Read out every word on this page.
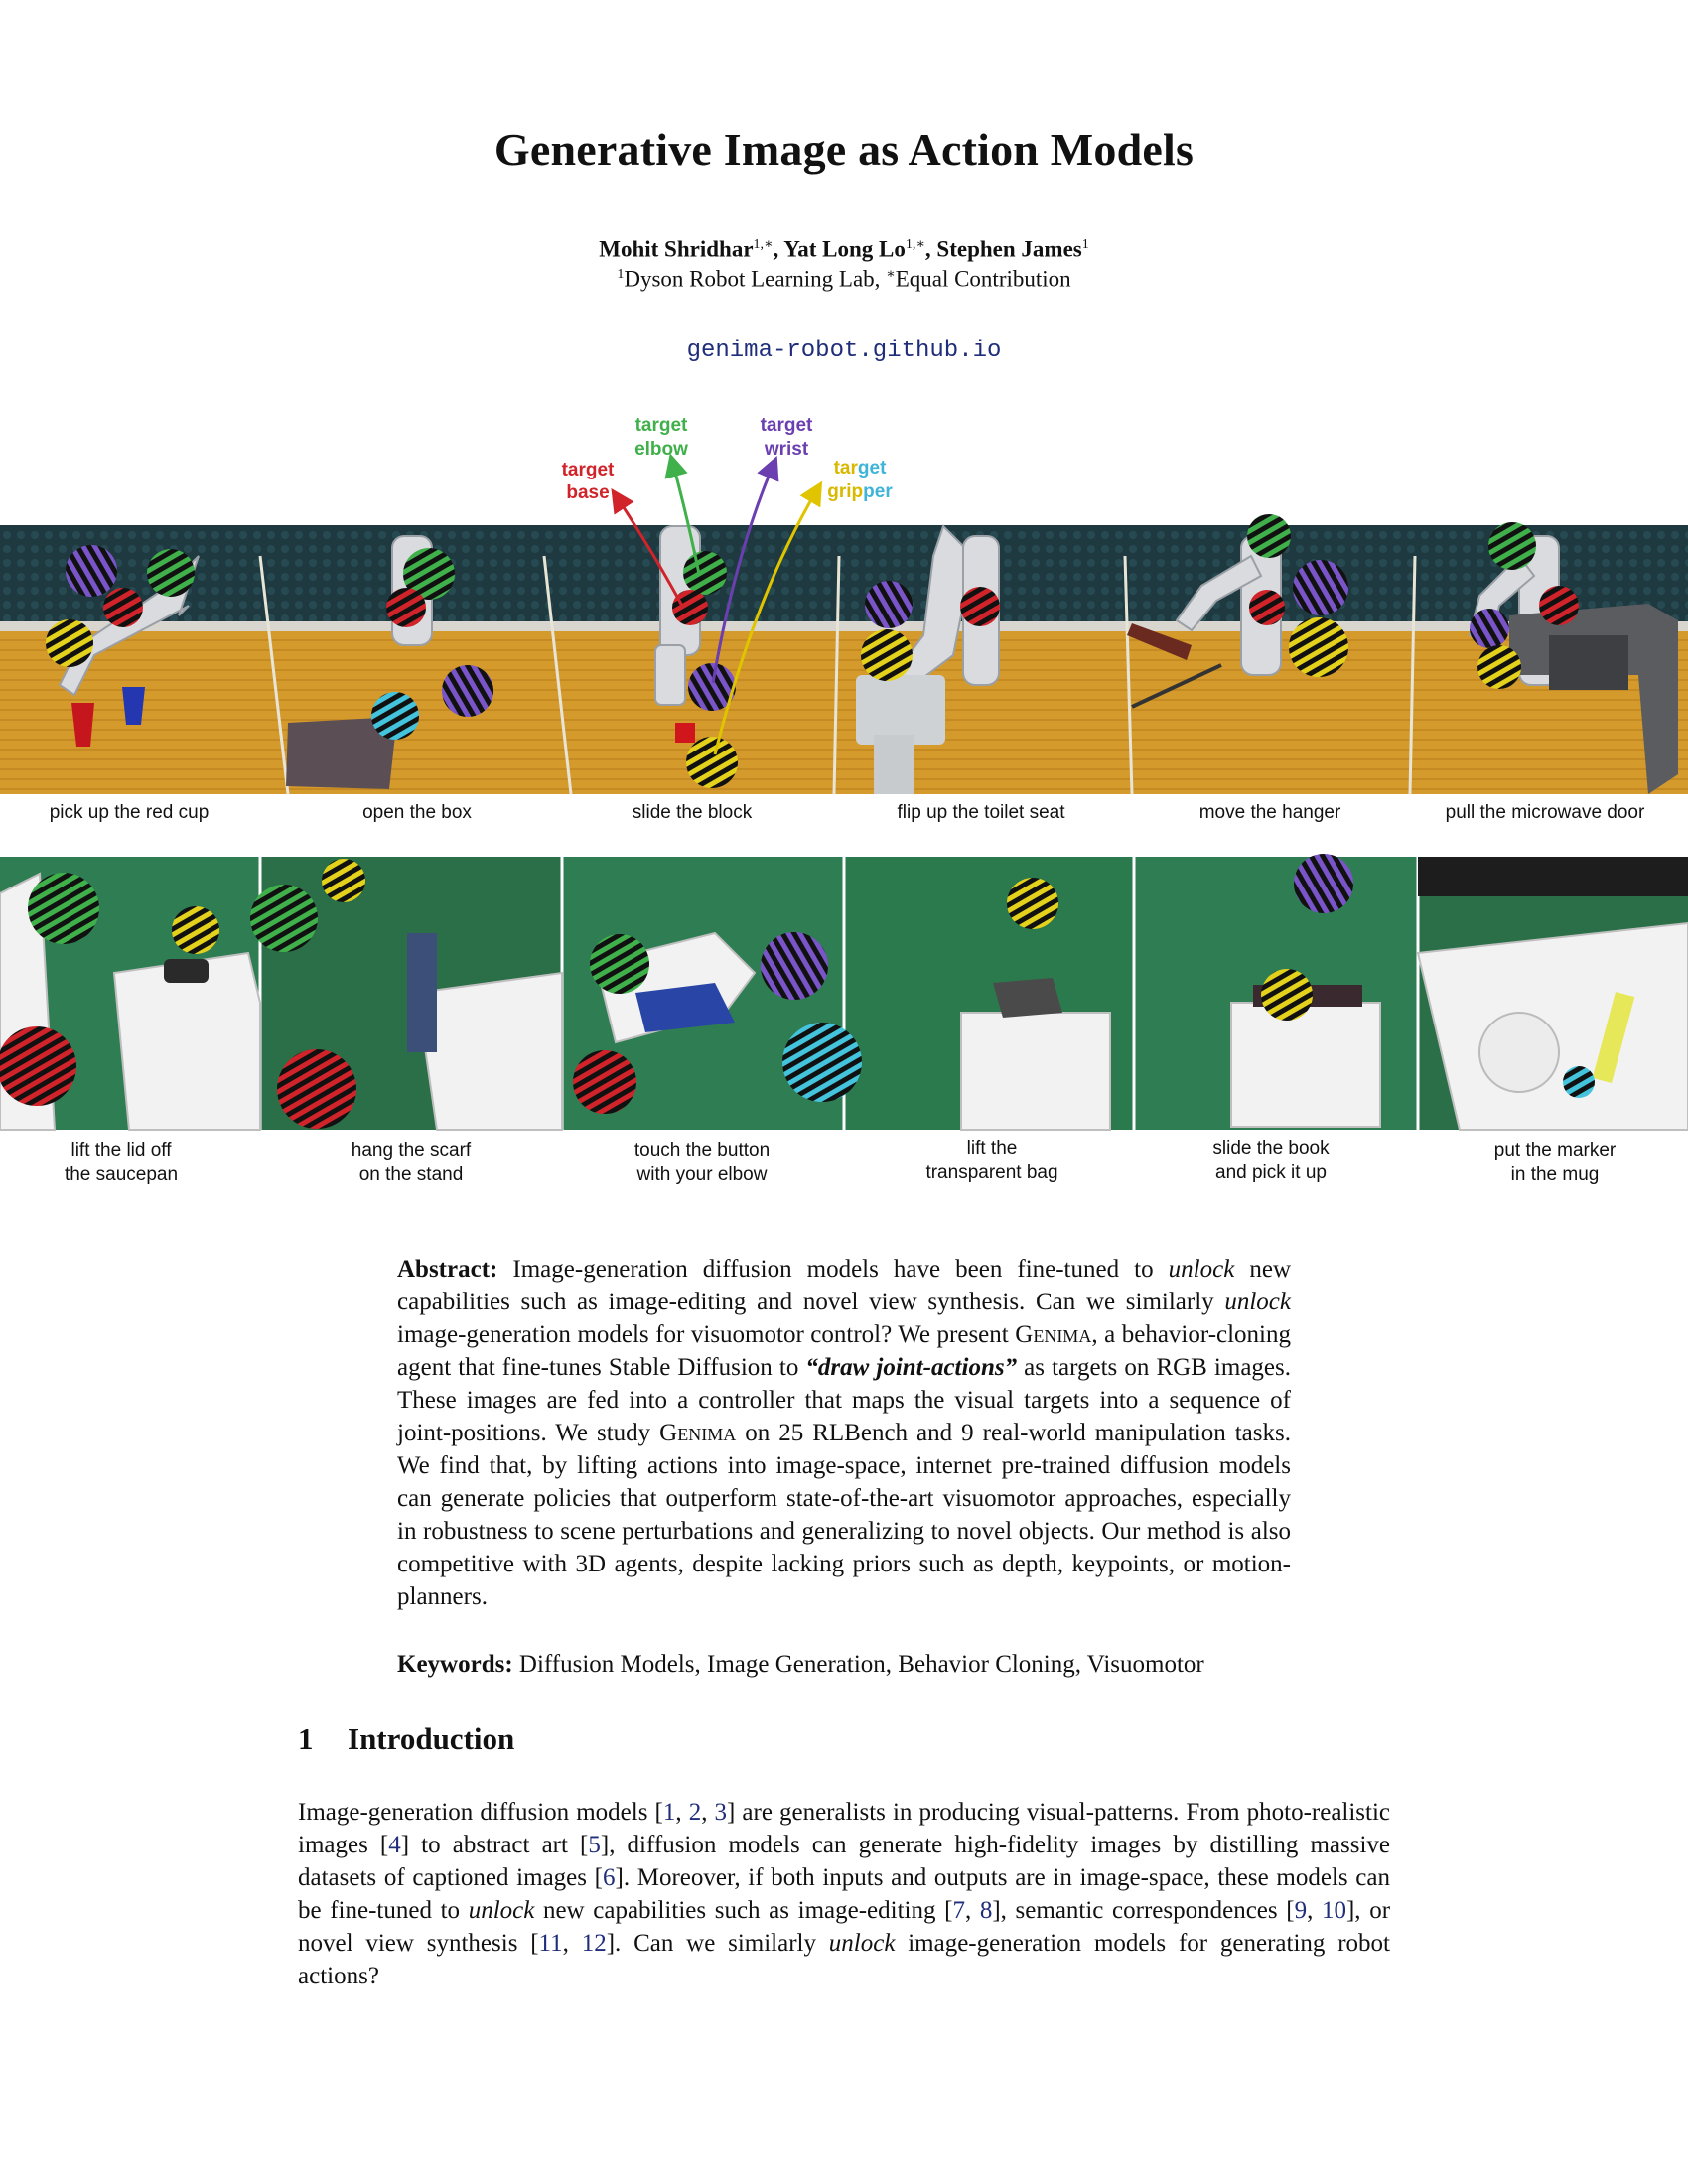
Generative Image as Action Models
Mohit Shridhar$^{1,∗}$, Yat Long $Lo^{1,∗}$, Stephen James$^1$
$^1$Dyson Robot Learning Lab, ∗Equal Contribution
genima-robot.github.io
target base
target elbow
target wrist
target gripper
pick up the red cup	open the box	slide the block	flip up the toilet seat	move the hanger	pull the microwave door
lift the lid off the saucepan
hang the scarf on the stand
touch the button with your elbow
lift the transparent bag
slide the book and pick it up
put the marker in the mug
Abstract: Image-generation diffusion models have been fine-tuned to unlock new capabilities such as image-editing and novel view synthesis. Can we similarly unlock image-generation models for visuomotor control? We present Genima, a behavior-cloning agent that fine-tunes Stable Diffusion to “draw joint-actions” as targets on RGB images. These images are fed into a controller that maps the visual targets into a sequence of joint-positions. We study Genima on 25 RLBench and 9 real-world manipulation tasks. We find that, by lifting actions into image-space, internet pre-trained diffusion models can generate policies that outperform state-of-the-art visuomotor approaches, especially in robustness to scene perturbations and generalizing to novel objects. Our method is also competitive with 3D agents, despite lacking priors such as depth, keypoints, or motion-planners.
Keywords: Diffusion Models, Image Generation, Behavior Cloning, Visuomotor
1 Introduction
Image-generation diffusion models [1, 2, 3] are generalists in producing visual-patterns. From photo-realistic images [4] to abstract art [5], diffusion models can generate high-fidelity images by distilling massive datasets of captioned images [6]. Moreover, if both inputs and outputs are in image-space, these models can be fine-tuned to unlock new capabilities such as image-editing [7, 8], semantic correspondences [9, 10], or novel view synthesis [11, 12]. Can we similarly unlock image-generation models for generating robot actions?
